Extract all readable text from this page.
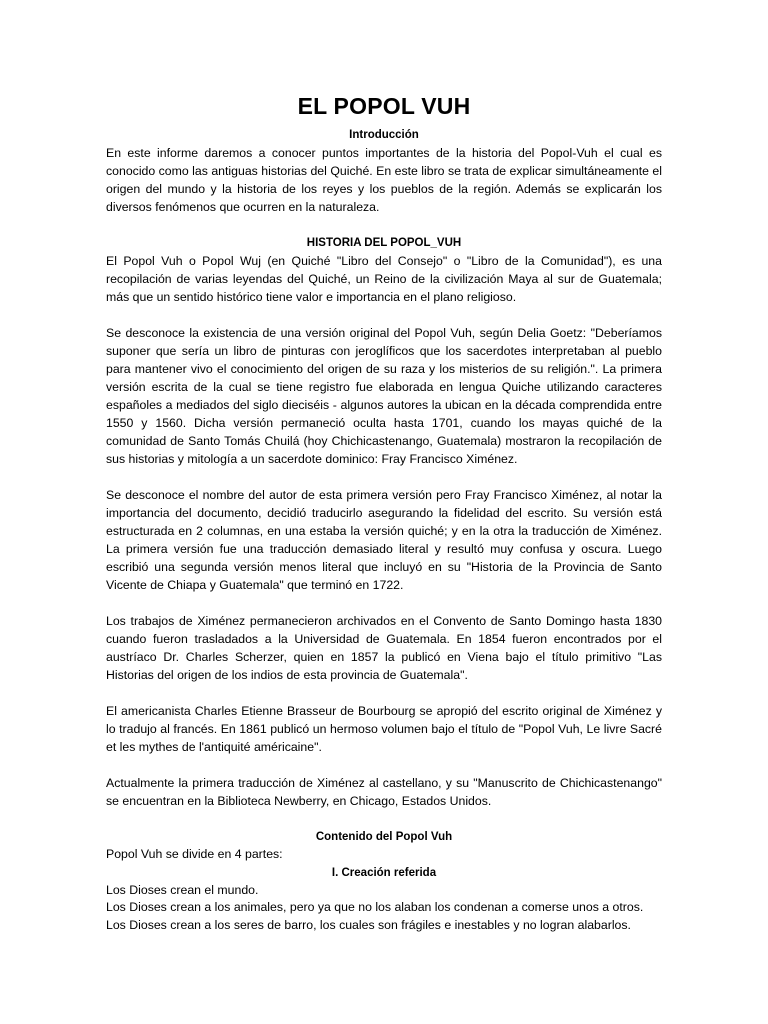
EL POPOL VUH

Introducción

En este informe daremos a conocer puntos importantes de la historia del Popol-Vuh el cual es conocido como las antiguas historias del Quiché. En este libro se trata de explicar simultáneamente el origen del mundo y la historia de los reyes y los pueblos de la región. Además se explicarán los diversos fenómenos que ocurren en la naturaleza.

HISTORIA DEL POPOL_VUH

El Popol Vuh o Popol Wuj (en Quiché "Libro del Consejo" o "Libro de la Comunidad"), es una recopilación de varias leyendas del Quiché, un Reino de la civilización Maya al sur de Guatemala; más que un sentido histórico tiene valor e importancia en el plano religioso.

Se desconoce la existencia de una versión original del Popol Vuh, según Delia Goetz: "Deberíamos suponer que sería un libro de pinturas con jeroglíficos que los sacerdotes interpretaban al pueblo para mantener vivo el conocimiento del origen de su raza y los misterios de su religión.". La primera versión escrita de la cual se tiene registro fue elaborada en lengua Quiche utilizando caracteres españoles a mediados del siglo dieciséis - algunos autores la ubican en la década comprendida entre 1550 y 1560. Dicha versión permaneció oculta hasta 1701, cuando los mayas quiché de la comunidad de Santo Tomás Chuilá (hoy Chichicastenango, Guatemala) mostraron la recopilación de sus historias y mitología a un sacerdote dominico: Fray Francisco Ximénez.

Se desconoce el nombre del autor de esta primera versión pero Fray Francisco Ximénez, al notar la importancia del documento, decidió traducirlo asegurando la fidelidad del escrito. Su versión está estructurada en 2 columnas, en una estaba la versión quiché; y en la otra la traducción de Ximénez. La primera versión fue una traducción demasiado literal y resultó muy confusa y oscura. Luego escribió una segunda versión menos literal que incluyó en su "Historia de la Provincia de Santo Vicente de Chiapa y Guatemala" que terminó en 1722.

Los trabajos de Ximénez permanecieron archivados en el Convento de Santo Domingo hasta 1830 cuando fueron trasladados a la Universidad de Guatemala. En 1854 fueron encontrados por el austríaco Dr. Charles Scherzer, quien en 1857 la publicó en Viena bajo el título primitivo "Las Historias del origen de los indios de esta provincia de Guatemala".

El americanista Charles Etienne Brasseur de Bourbourg se apropió del escrito original de Ximénez y lo tradujo al francés. En 1861 publicó un hermoso volumen bajo el título de "Popol Vuh, Le livre Sacré et les mythes de l'antiquité américaine".

Actualmente la primera traducción de Ximénez al castellano, y su "Manuscrito de Chichicastenango" se encuentran en la Biblioteca Newberry, en Chicago, Estados Unidos.

Contenido del Popol Vuh

Popol Vuh se divide en 4 partes:

I. Creación referida

Los Dioses crean el mundo.

Los Dioses crean a los animales, pero ya que no los alaban los condenan a comerse unos a otros.

Los Dioses crean a los seres de barro, los cuales son frágiles e inestables y no logran alabarlos.
